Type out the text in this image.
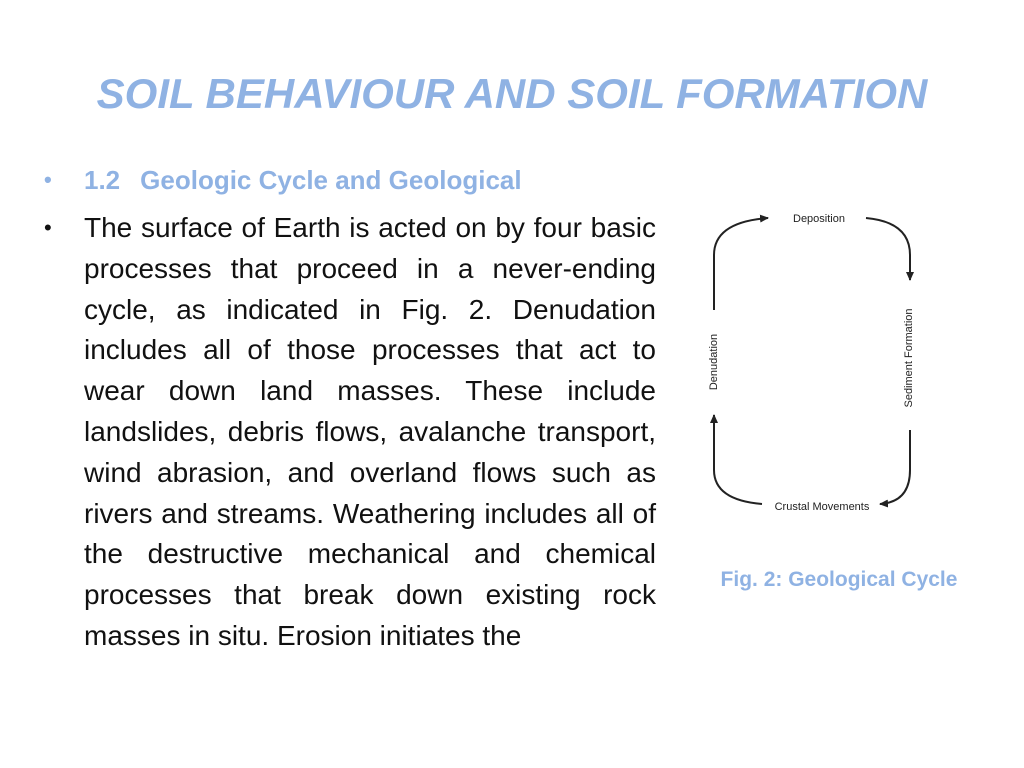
SOIL BEHAVIOUR AND SOIL FORMATION
• 1.2 Geologic Cycle and Geological
• The surface of Earth is acted on by four basic processes that proceed in a never-ending cycle, as indicated in Fig. 2. Denudation includes all of those processes that act to wear down land masses. These include landslides, debris flows, avalanche transport, wind abrasion, and overland flows such as rivers and streams. Weathering includes all of the destructive mechanical and chemical processes that break down existing rock masses in situ. Erosion initiates the
Deposition
Crustal Movements
Denudation	Sediment Formation
Fig. 2: Geological Cycle
